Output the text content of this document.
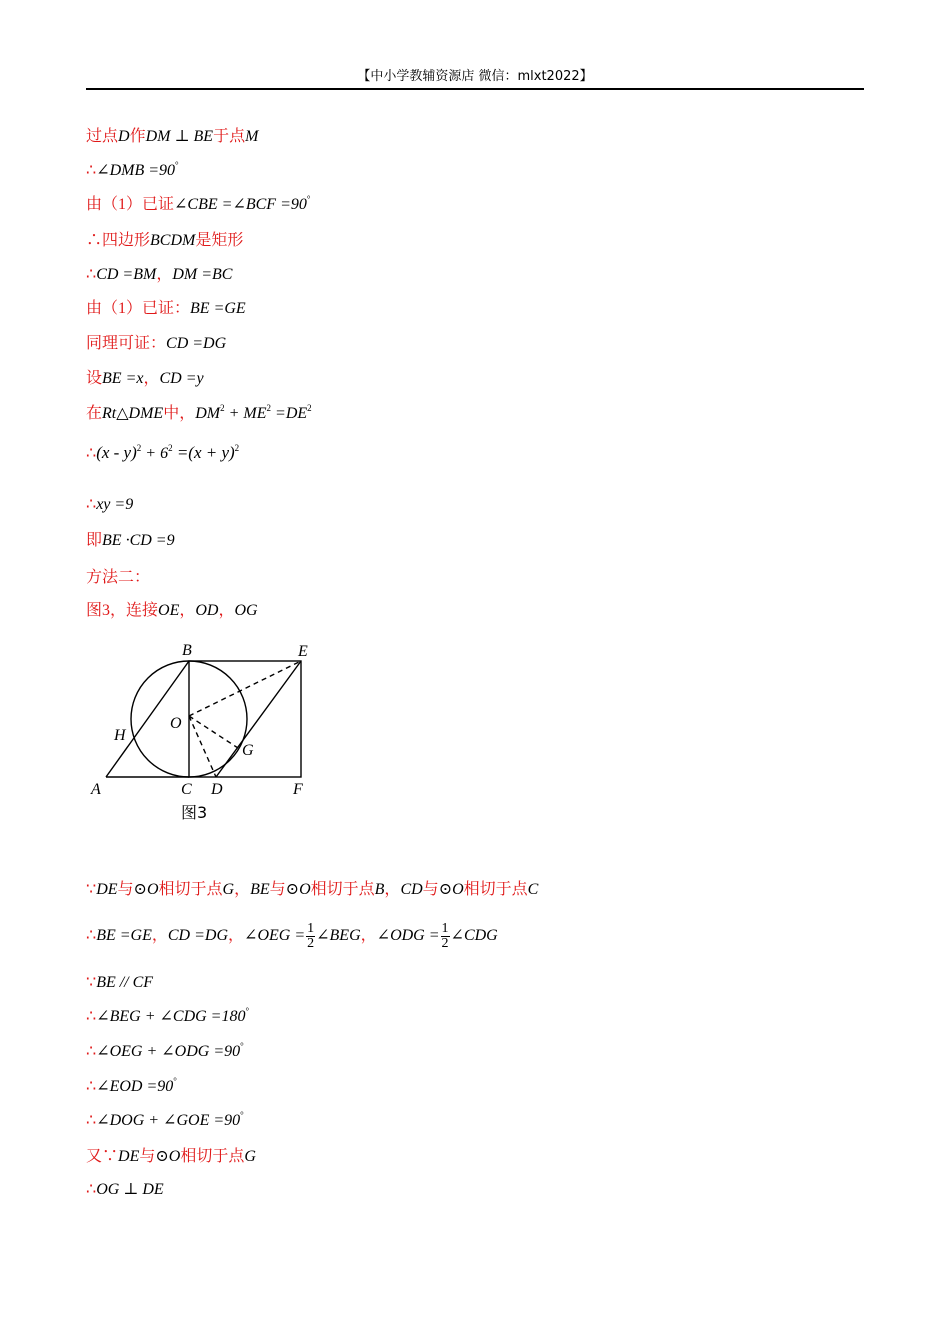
【中小学教辅资源店 微信：mlxt2022】
过点D作DM ⊥ BE于点M
∴∠DMB =90°
由（1）已证∠CBE =∠BCF =90°
∴四边形BCDM是矩形
∴CD =BM，DM =BC
由（1）已证：BE =GE
同理可证：CD =DG
设BE =x，CD =y
在Rt△DME中，$DM^2 + ME^2 =DE^2$
∴(x - $y)^2 + 6^2 =(x + y)^2$
∴xy =9
即BE ·CD =9
方法二：
图3，连接OE，OD，OG
B	E
O
H
G
A	C D	F
图3
∵DE与⊙O相切于点G，BE与⊙O相切于点B，CD与⊙O相切于点C
∴BE =GE，CD =DG，∠OEG = $\frac{1}{2}$ ∠BEG，∠ODG = $\frac{1}{2}$ ∠CDG
∵BE // CF
∴∠BEG + ∠CDG =180°
∴∠OEG + ∠ODG =90°
∴∠EOD =90°
∴∠DOG + ∠GOE =90°
又∵DE与⊙O相切于点G
∴OG ⊥ DE
